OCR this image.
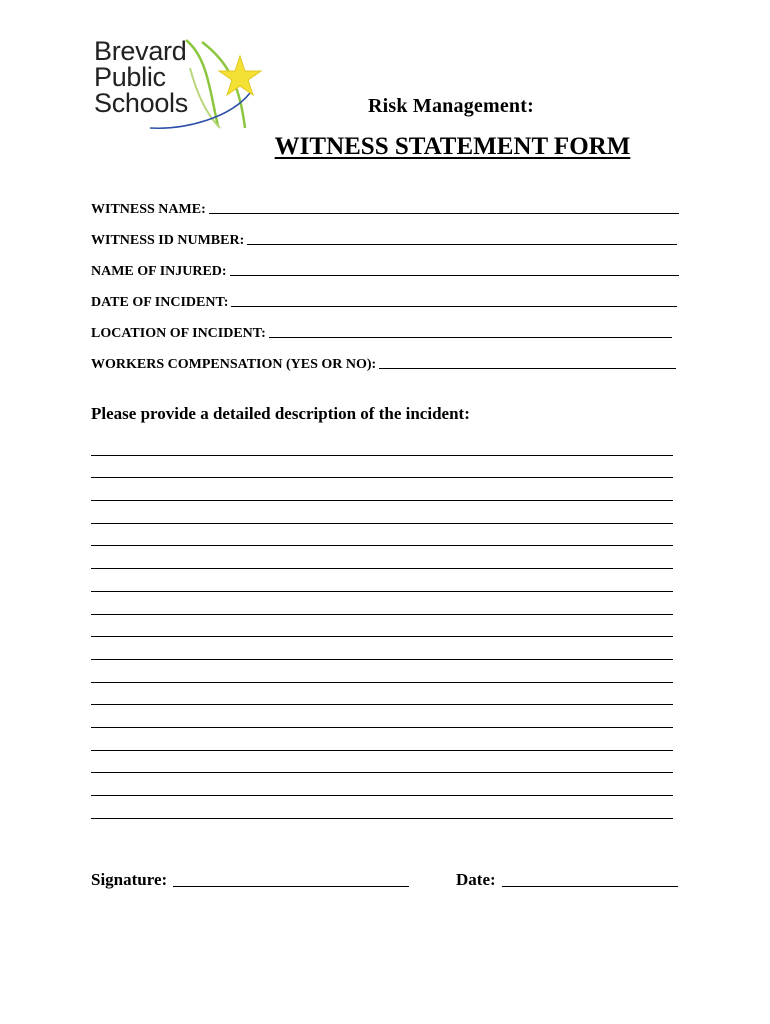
Brevard
Public
Schools	Risk Management:
WITNESS STATEMENT FORM
WITNESS NAME:
WITNESS ID NUMBER:
NAME OF INJURED:
DATE OF INCIDENT:
LOCATION OF INCIDENT:
WORKERS COMPENSATION (YES OR NO):
Please provide a detailed description of the incident:
Signature:	Date:
